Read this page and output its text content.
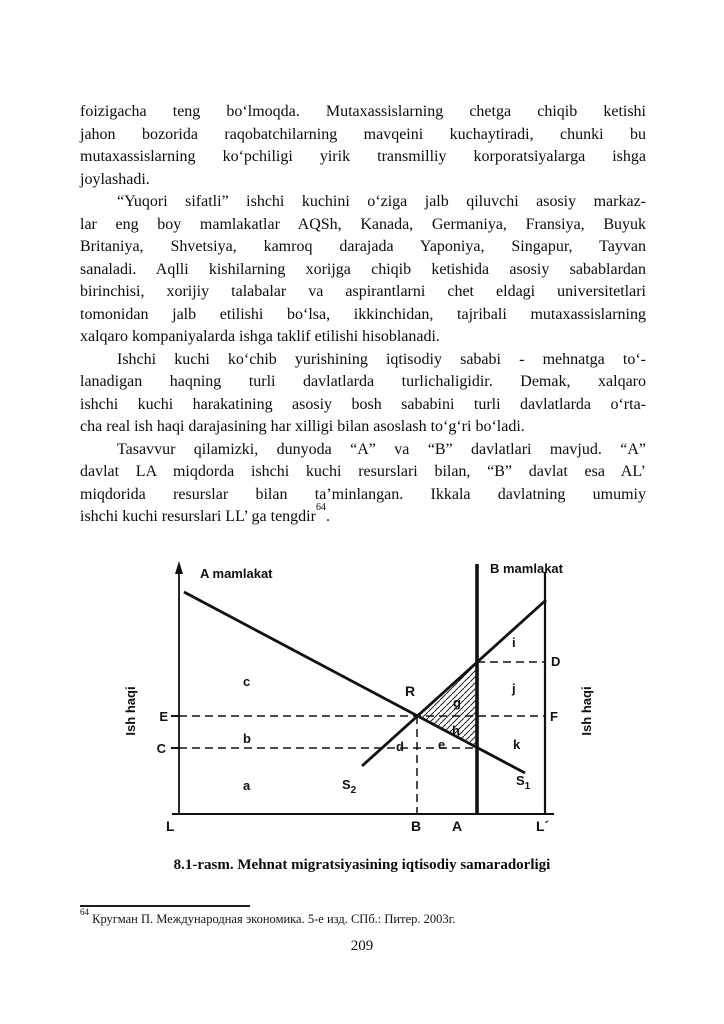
foizigacha teng boʻlmoqda. Mutaxassislarning chetga chiqib ketishi
jahon bozorida raqobatchilarning mavqeini kuchaytiradi, chunki bu
mutaxassislarning koʻpchiligi yirik transmilliy korporatsiyalarga ishga
joylashadi.
“Yuqori sifatli” ishchi kuchini oʻziga jalb qiluvchi asosiy markaz-
lar eng boy mamlakatlar AQSh, Kanada, Germaniya, Fransiya, Buyuk
Britaniya, Shvetsiya, kamroq darajada Yaponiya, Singapur, Tayvan
sanaladi. Aqlli kishilarning xorijga chiqib ketishida asosiy sabablardan
birinchisi, xorijiy talabalar va aspirantlarni chet eldagi universitetlari
tomonidan jalb etilishi boʻlsa, ikkinchidan, tajribali mutaxassislarning
xalqaro kompaniyalarda ishga taklif etilishi hisoblanadi.
Ishchi kuchi koʻchib yurishining iqtisodiy sababi - mehnatga toʻ-
lanadigan haqning turli davlatlarda turlichaligidir. Demak, xalqaro
ishchi kuchi harakatining asosiy bosh sababini turli davlatlarda oʻrta-
cha real ish haqi darajasining har xilligi bilan asoslash toʻgʻri boʻladi.
Tasavvur qilamizki, dunyoda “A” va “B” davlatlari mavjud. “A”
davlat LA miqdorda ishchi kuchi resurslari bilan, “B” davlat esa AL’
miqdorida resurslar bilan ta’minlangan. Ikkala davlatning umumiy
ishchi kuchi resurslari LL’ ga tengdir$^{64}$.
A mamlakat	B mamlakat
Ish haqi	Ish haqi
c
b
a
d	e
g
h
i
j
k
E
C
R
D
F
$S_2$
$S_1$
L	B A	L´
8.1-rasm. Mehnat migratsiyasining iqtisodiy samaradorligi
$^{64}$ Кругман П. Международная экономика. 5-е изд. СПб.: Питер. 2003г.
209
